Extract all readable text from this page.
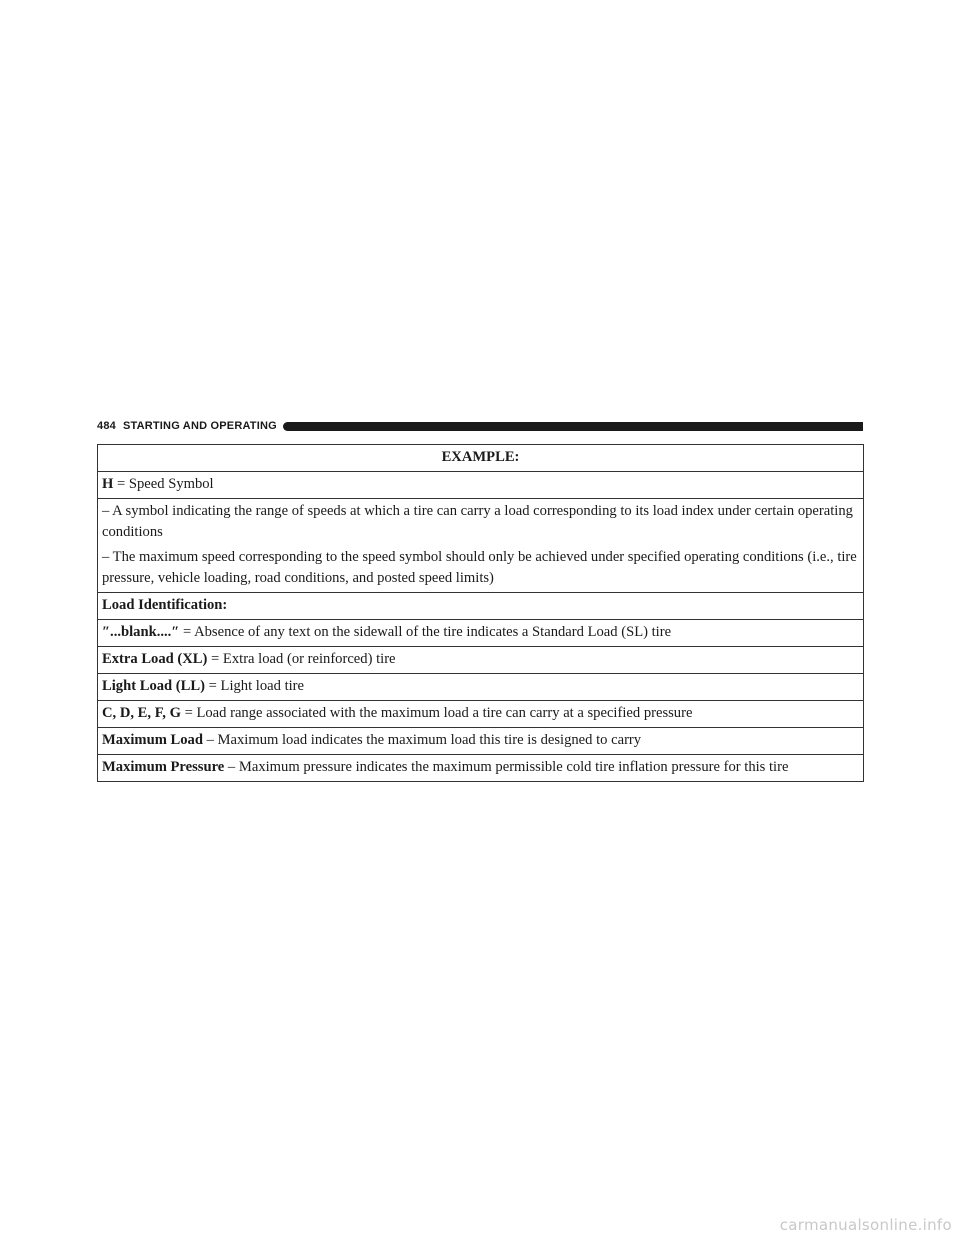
484 STARTING AND OPERATING
EXAMPLE:
H = Speed Symbol

– A symbol indicating the range of speeds at which a tire can carry a load corresponding to its load index under certain operating conditions

– The maximum speed corresponding to the speed symbol should only be achieved under specified operating conditions (i.e., tire pressure, vehicle loading, road conditions, and posted speed limits)

Load Identification:
″...blank....″ = Absence of any text on the sidewall of the tire indicates a Standard Load (SL) tire
Extra Load (XL) = Extra load (or reinforced) tire
Light Load (LL) = Light load tire
C, D, E, F, G = Load range associated with the maximum load a tire can carry at a specified pressure
Maximum Load – Maximum load indicates the maximum load this tire is designed to carry
Maximum Pressure – Maximum pressure indicates the maximum permissible cold tire inflation pressure for this tire
carmanualsonline.info
